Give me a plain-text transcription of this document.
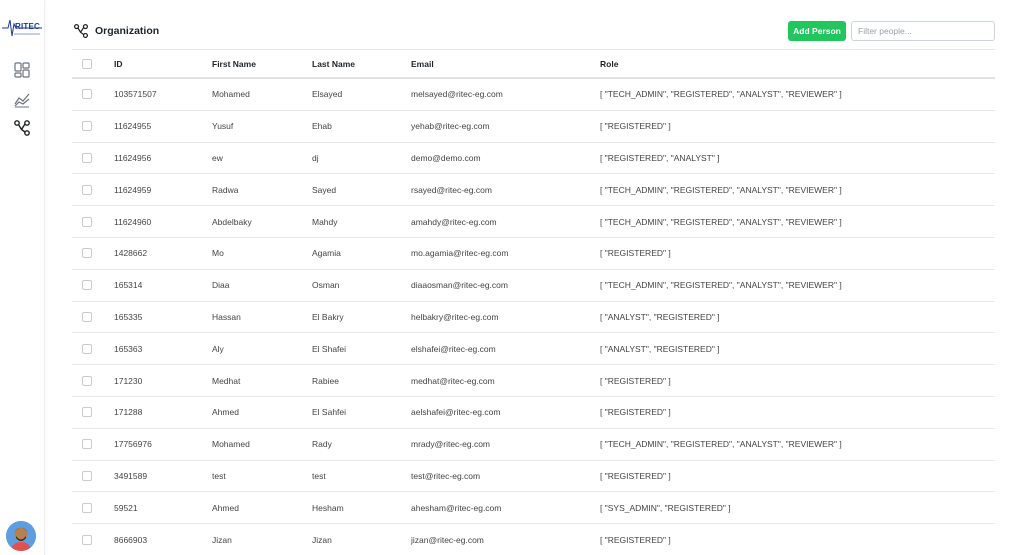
RITEC	Organization	Add Person
Filter people...
ID	First Name	Last Name	Email	Role
103571507	Mohamed	Elsayed	melsayed@ritec-eg.com	[ "TECH_ADMIN", "REGISTERED", "ANALYST", "REVIEWER" ]
11624955	Yusuf	Ehab	yehab@ritec-eg.com	[ "REGISTERED" ]
11624956	ew	dj	demo@demo.com	[ "REGISTERED", "ANALYST" ]
11624959	Radwa	Sayed	rsayed@ritec-eg.com	[ "TECH_ADMIN", "REGISTERED", "ANALYST", "REVIEWER" ]
11624960	Abdelbaky	Mahdy	amahdy@ritec-eg.com	[ "TECH_ADMIN", "REGISTERED", "ANALYST", "REVIEWER" ]
1428662	Mo	Agamia	mo.agamia@ritec-eg.com	[ "REGISTERED" ]
165314	Diaa	Osman	diaaosman@ritec-eg.com	[ "TECH_ADMIN", "REGISTERED", "ANALYST", "REVIEWER" ]
165335	Hassan	El Bakry	helbakry@ritec-eg.com	[ "ANALYST", "REGISTERED" ]
165363	Aly	El Shafei	elshafei@ritec-eg.com	[ "ANALYST", "REGISTERED" ]
171230	Medhat	Rabiee	medhat@ritec-eg.com	[ "REGISTERED" ]
171288	Ahmed	El Sahfei	aelshafei@ritec-eg.com	[ "REGISTERED" ]
17756976	Mohamed	Rady	mrady@ritec-eg.com	[ "TECH_ADMIN", "REGISTERED", "ANALYST", "REVIEWER" ]
3491589	test	test	test@ritec-eg.com	[ "REGISTERED" ]
59521	Ahmed	Hesham	ahesham@ritec-eg.com	[ "SYS_ADMIN", "REGISTERED" ]
8666903	Jizan	Jizan	jizan@ritec-eg.com	[ "REGISTERED" ]
